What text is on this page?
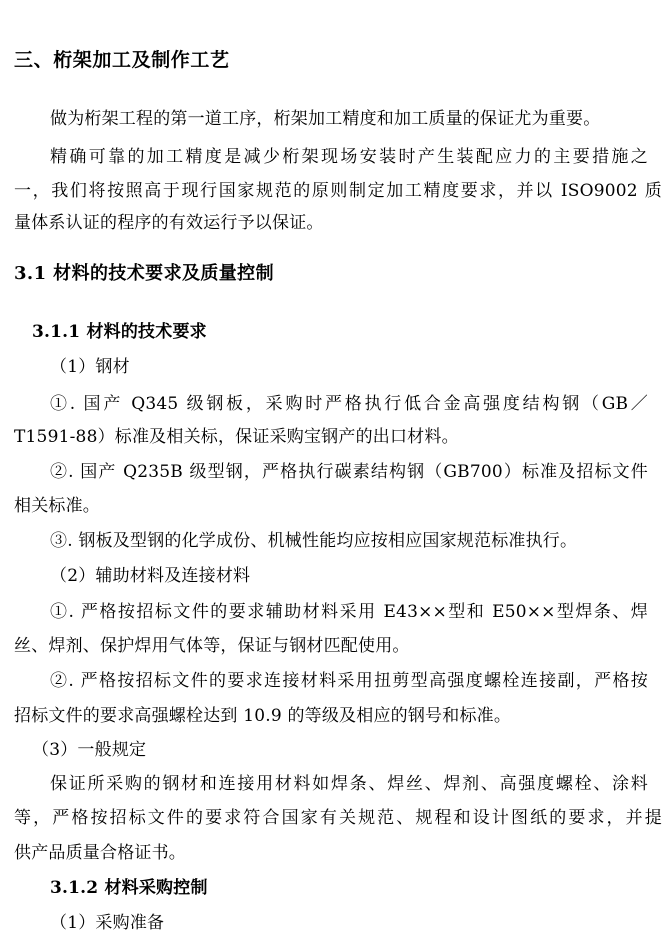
三、桁架加工及制作工艺
做为桁架工程的第一道工序，桁架加工精度和加工质量的保证尤为重要。
精确可靠的加工精度是减少桁架现场安装时产生装配应力的主要措施之
一，我们将按照高于现行国家规范的原则制定加工精度要求，并以 ISO9002 质
量体系认证的程序的有效运行予以保证。
3.1 材料的技术要求及质量控制
3.1.1 材料的技术要求
（1）钢材
①. 国产 Q345 级钢板，采购时严格执行低合金高强度结构钢（GB／
T1591-88）标准及相关标，保证采购宝钢产的出口材料。
②. 国产 Q235B 级型钢，严格执行碳素结构钢（GB700）标准及招标文件
相关标准。
③. 钢板及型钢的化学成份、机械性能均应按相应国家规范标准执行。
（2）辅助材料及连接材料
①. 严格按招标文件的要求辅助材料采用 E43××型和 E50××型焊条、焊
丝、焊剂、保护焊用气体等，保证与钢材匹配使用。
②. 严格按招标文件的要求连接材料采用扭剪型高强度螺栓连接副，严格按
招标文件的要求高强螺栓达到 10.9 的等级及相应的钢号和标准。
（3）一般规定
保证所采购的钢材和连接用材料如焊条、焊丝、焊剂、高强度螺栓、涂料
等，严格按招标文件的要求符合国家有关规范、规程和设计图纸的要求，并提
供产品质量合格证书。
3.1.2 材料采购控制
（1）采购准备
